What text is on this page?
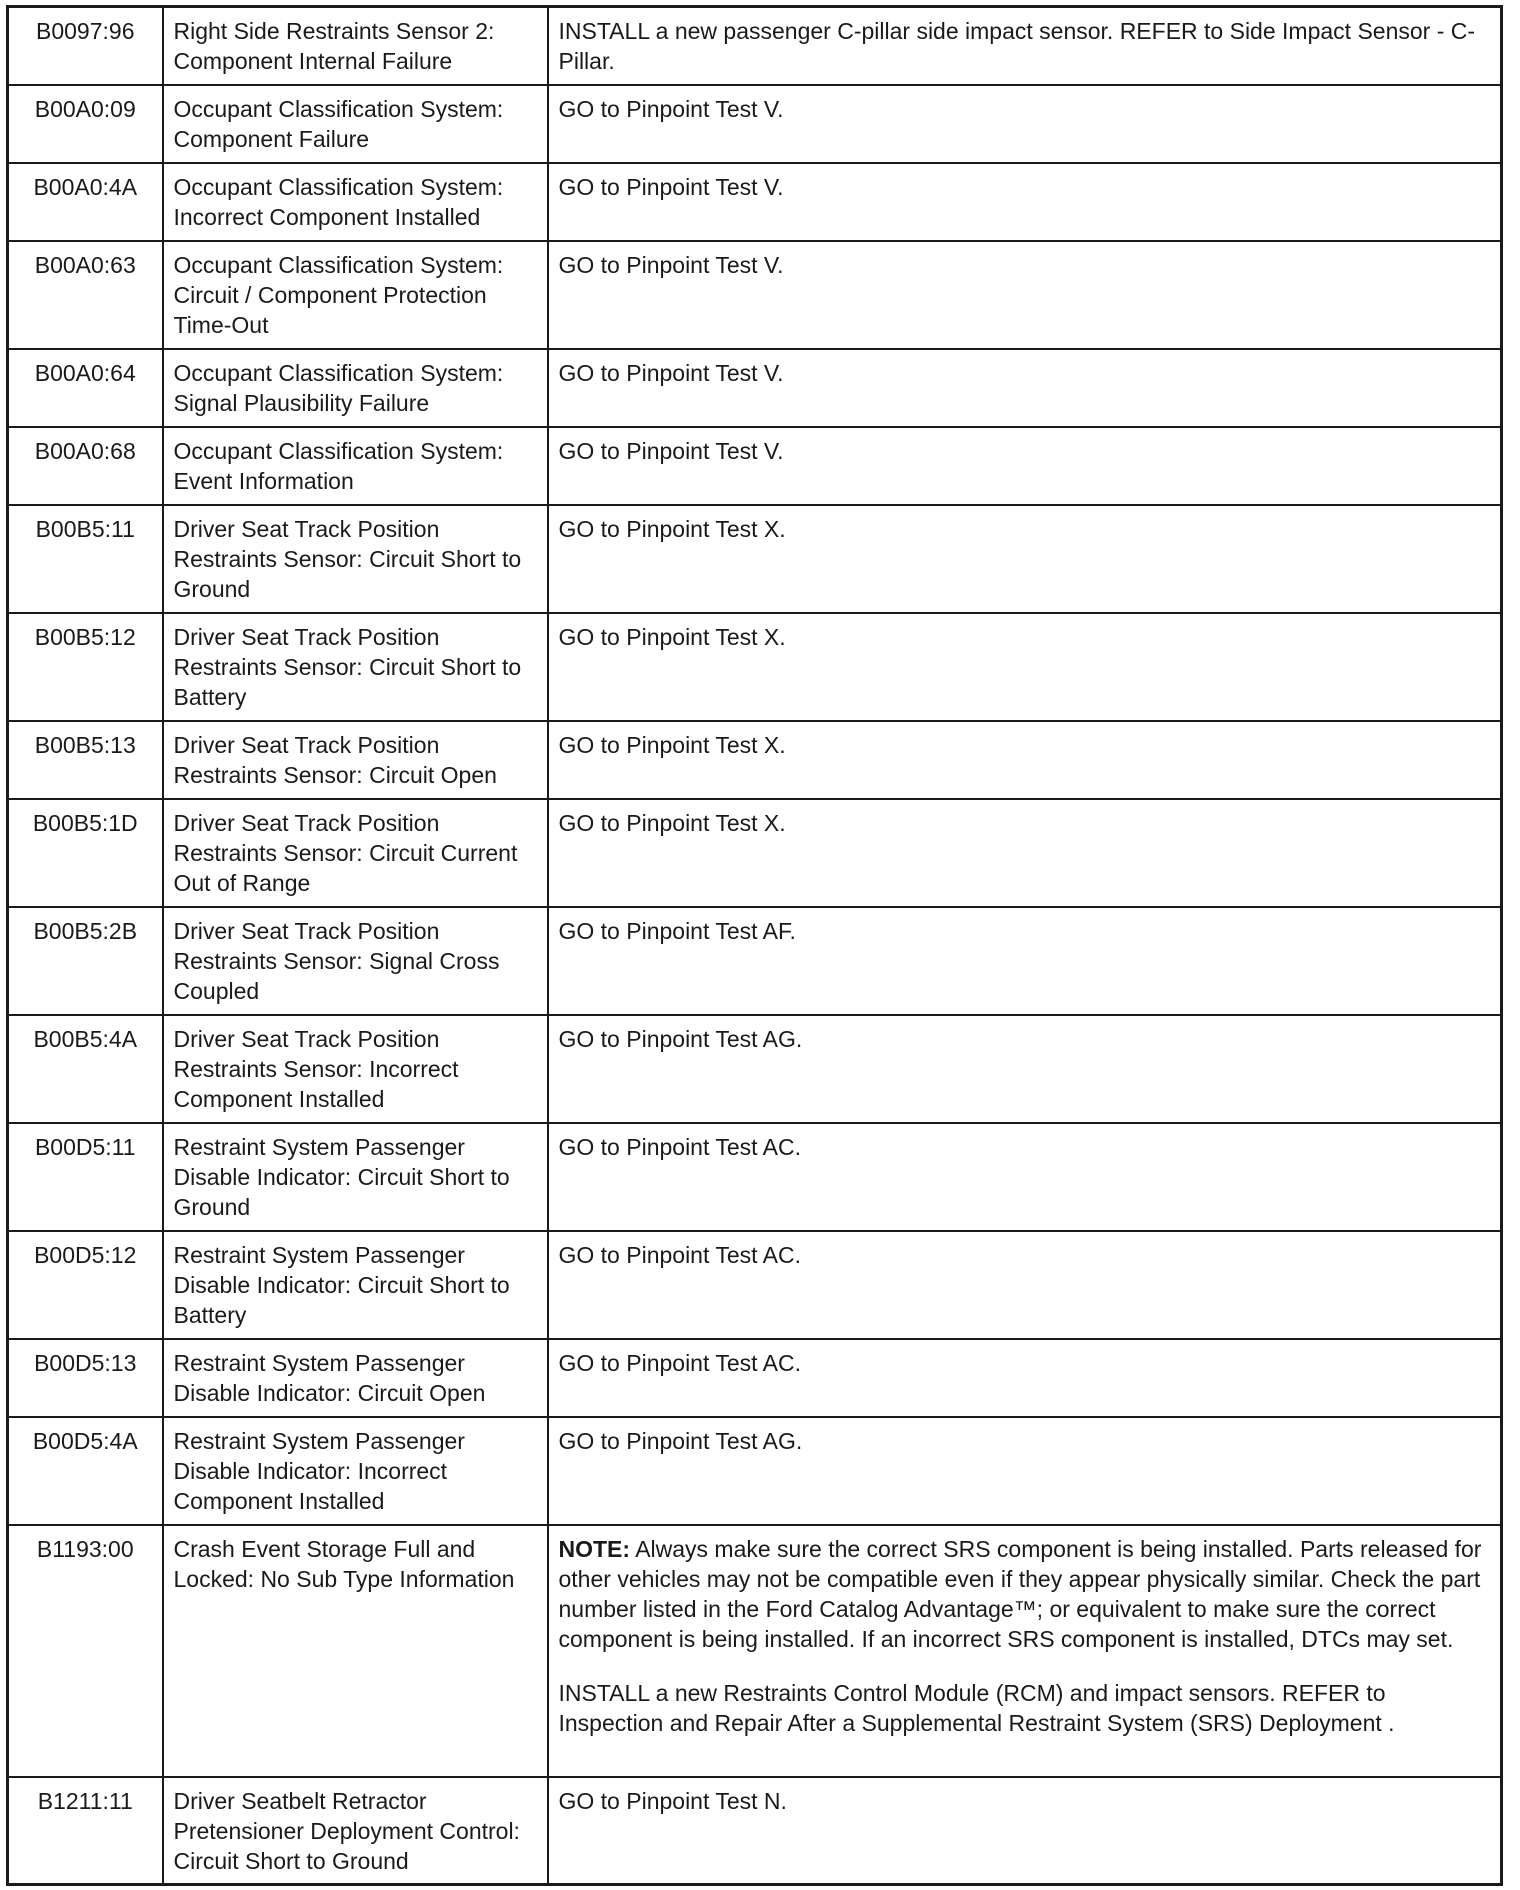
B0097:96	Right Side Restraints Sensor 2: Component Internal Failure	INSTALL a new passenger C-pillar side impact sensor. REFER to Side Impact Sensor - C-Pillar.
B00A0:09	Occupant Classification System: Component Failure	GO to Pinpoint Test V.
B00A0:4A	Occupant Classification System: Incorrect Component Installed	GO to Pinpoint Test V.
B00A0:63	Occupant Classification System: Circuit / Component Protection Time-Out	GO to Pinpoint Test V.
B00A0:64	Occupant Classification System: Signal Plausibility Failure	GO to Pinpoint Test V.
B00A0:68	Occupant Classification System: Event Information	GO to Pinpoint Test V.
B00B5:11	Driver Seat Track Position Restraints Sensor: Circuit Short to Ground	GO to Pinpoint Test X.
B00B5:12	Driver Seat Track Position Restraints Sensor: Circuit Short to Battery	GO to Pinpoint Test X.
B00B5:13	Driver Seat Track Position Restraints Sensor: Circuit Open	GO to Pinpoint Test X.
B00B5:1D	Driver Seat Track Position Restraints Sensor: Circuit Current Out of Range	GO to Pinpoint Test X.
B00B5:2B	Driver Seat Track Position Restraints Sensor: Signal Cross Coupled	GO to Pinpoint Test AF.
B00B5:4A	Driver Seat Track Position Restraints Sensor: Incorrect Component Installed	GO to Pinpoint Test AG.
B00D5:11	Restraint System Passenger Disable Indicator: Circuit Short to Ground	GO to Pinpoint Test AC.
B00D5:12	Restraint System Passenger Disable Indicator: Circuit Short to Battery	GO to Pinpoint Test AC.
B00D5:13	Restraint System Passenger Disable Indicator: Circuit Open	GO to Pinpoint Test AC.
B00D5:4A	Restraint System Passenger Disable Indicator: Incorrect Component Installed	GO to Pinpoint Test AG.
B1193:00	Crash Event Storage Full and Locked: No Sub Type Information	NOTE: Always make sure the correct SRS component is being installed. Parts released for other vehicles may not be compatible even if they appear physically similar. Check the part number listed in the Ford Catalog Advantage™; or equivalent to make sure the correct component is being installed. If an incorrect SRS component is installed, DTCs may set.

INSTALL a new Restraints Control Module (RCM) and impact sensors. REFER to Inspection and Repair After a Supplemental Restraint System (SRS) Deployment .

B1211:11	Driver Seatbelt Retractor Pretensioner Deployment Control: Circuit Short to Ground	GO to Pinpoint Test N.
